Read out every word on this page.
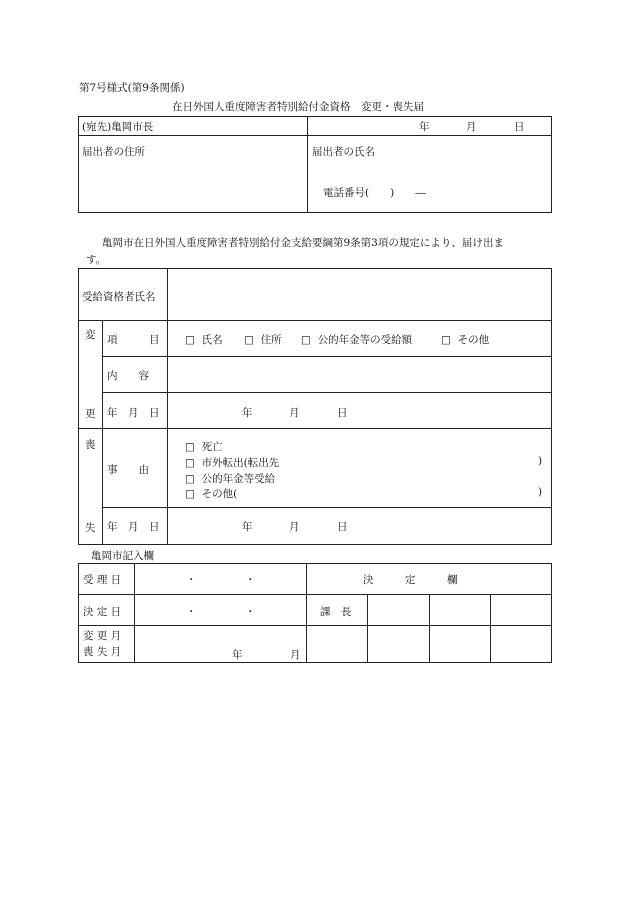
第7号様式(第9条関係)
在日外国人重度障害者特別給付金資格　変更・喪失届
(宛先)亀岡市長	年	月	日
届出者の住所	届出者の氏名
電話番号(　　)　　―
亀岡市在日外国人重度障害者特別給付金支給要綱第9条第3項の規定により、届け出ま
す。
受給資格者氏名
変
更
項　　　目 □ 氏名 □ 住所 □ 公的年金等の受給額	□ その他
内　　容
年　月　日	年	月	日
喪
失
事　　由
□ 死亡
□ 市外転出(転出先	)
□ 公的年金等受給
□ その他(	)
年　月　日	年	月	日
亀岡市記入欄
受 理 日	・	・	決　　　定　　　欄
決 定 日	・	・	課　長
変 更 月
喪 失 月	年	月
